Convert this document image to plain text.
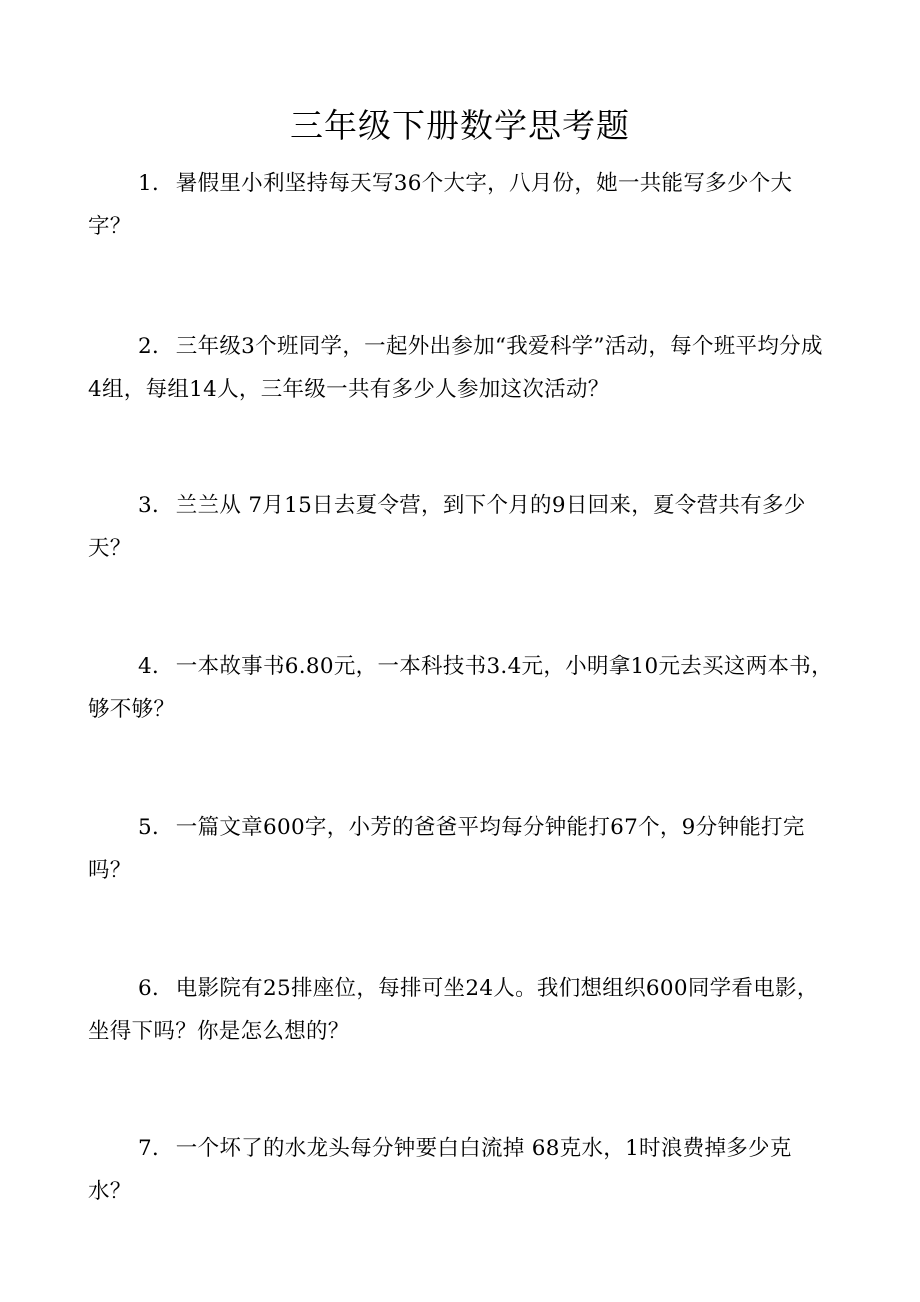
三年级下册数学思考题
1．暑假里小利坚持每天写36个大字，八月份，她一共能写多少个大字？
2．三年级3个班同学，一起外出参加“我爱科学”活动，每个班平均分成4组，每组14人，三年级一共有多少人参加这次活动？
3．兰兰从 7月15日去夏令营，到下个月的9日回来，夏令营共有多少天？
4．一本故事书6.80元，一本科技书3.4元，小明拿10元去买这两本书，够不够？
5．一篇文章600字，小芳的爸爸平均每分钟能打67个，9分钟能打完吗？
6．电影院有25排座位，每排可坐24人。我们想组织600同学看电影，坐得下吗？你是怎么想的？
7．一个坏了的水龙头每分钟要白白流掉 68克水，1时浪费掉多少克水？
